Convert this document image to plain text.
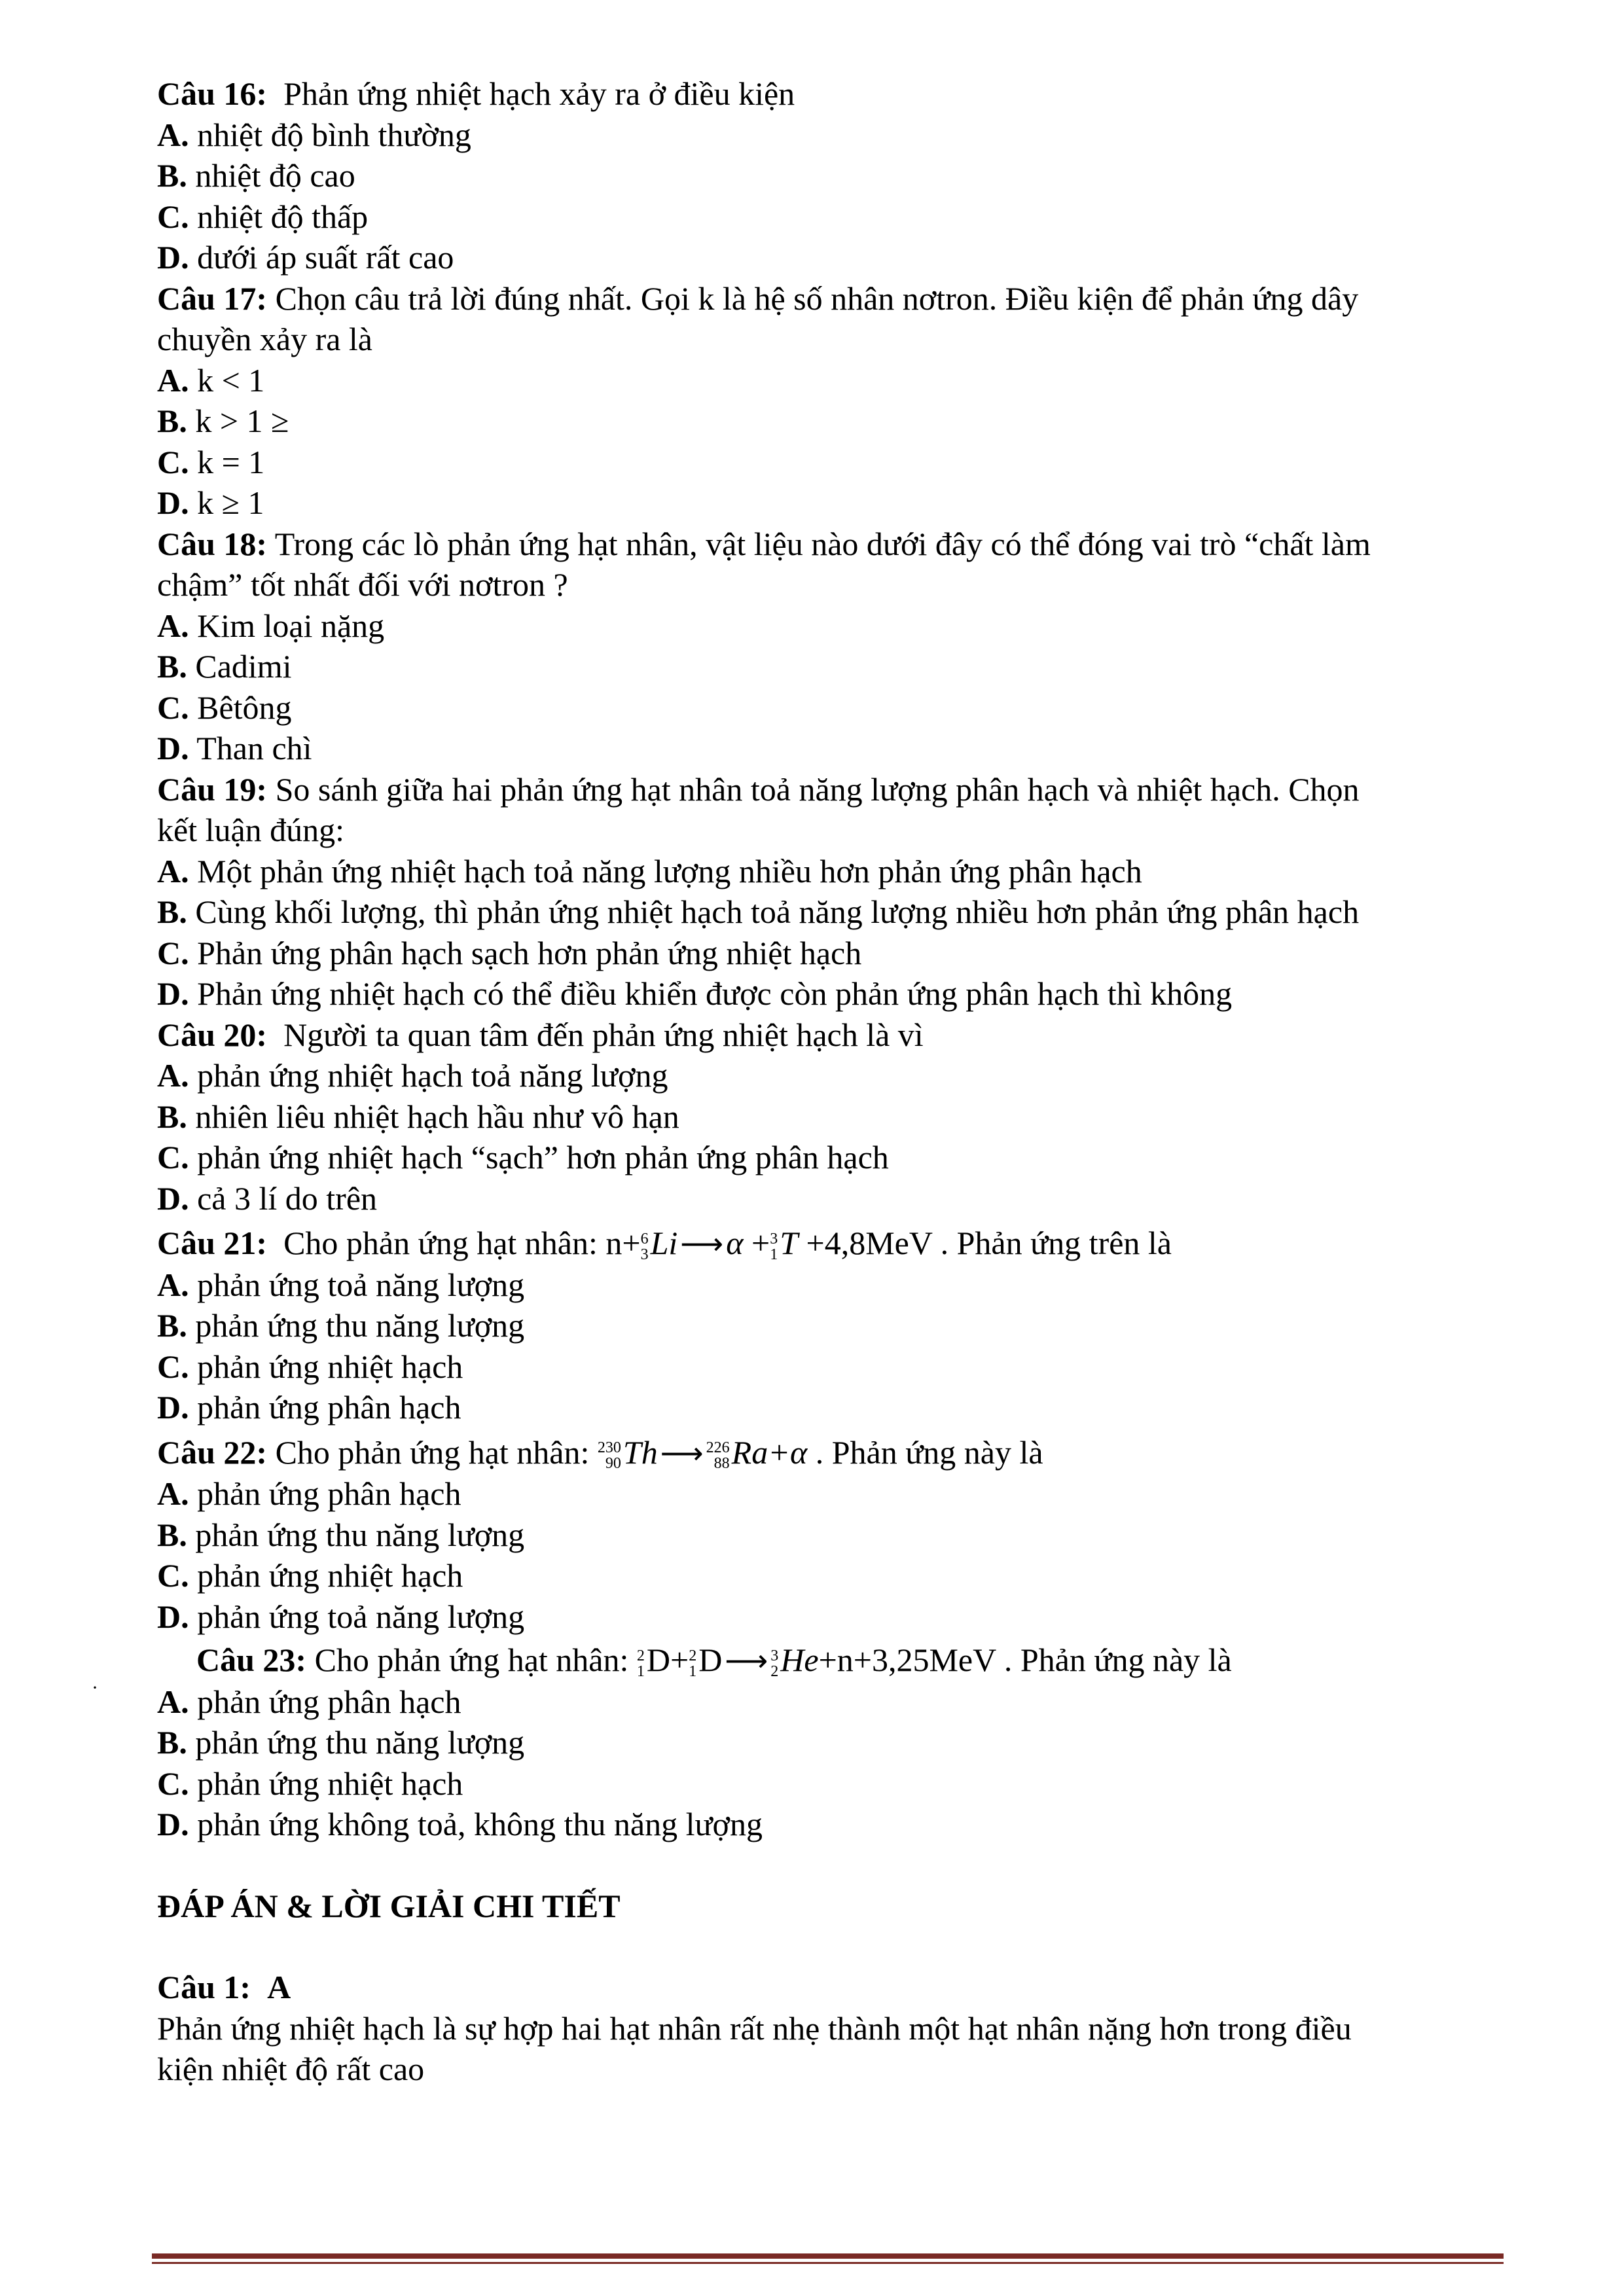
Câu 16: Phản ứng nhiệt hạch xảy ra ở điều kiện
A. nhiệt độ bình thường
B. nhiệt độ cao
C. nhiệt độ thấp
D. dưới áp suất rất cao
Câu 17: Chọn câu trả lời đúng nhất. Gọi k là hệ số nhân nơtron. Điều kiện để phản ứng dây
chuyền xảy ra là
A. k < 1
B. k > 1 ≥
C. k = 1
D. k ≥ 1
Câu 18: Trong các lò phản ứng hạt nhân, vật liệu nào dưới đây có thể đóng vai trò “chất làm
chậm” tốt nhất đối với nơtron ?
A. Kim loại nặng
B. Cadimi
C. Bêtông
D. Than chì
Câu 19: So sánh giữa hai phản ứng hạt nhân toả năng lượng phân hạch và nhiệt hạch. Chọn
kết luận đúng:
A. Một phản ứng nhiệt hạch toả năng lượng nhiều hơn phản ứng phân hạch
B. Cùng khối lượng, thì phản ứng nhiệt hạch toả năng lượng nhiều hơn phản ứng phân hạch
C. Phản ứng phân hạch sạch hơn phản ứng nhiệt hạch
D. Phản ứng nhiệt hạch có thể điều khiển được còn phản ứng phân hạch thì không
Câu 20: Người ta quan tâm đến phản ứng nhiệt hạch là vì
A. phản ứng nhiệt hạch toả năng lượng
B. nhiên liêu nhiệt hạch hầu như vô hạn
C. phản ứng nhiệt hạch “sạch” hơn phản ứng phân hạch
D. cả 3 lí do trên
Câu 21: Cho phản ứng hạt nhân: n+ 6
3 Li⟶α + 3
1 T +4,8MeV . Phản ứng trên là
A. phản ứng toả năng lượng
B. phản ứng thu năng lượng
C. phản ứng nhiệt hạch
D. phản ứng phân hạch
Câu 22: Cho phản ứng hạt nhân: 230
90 Th⟶ 226
88 Ra+α . Phản ứng này là
A. phản ứng phân hạch
B. phản ứng thu năng lượng
C. phản ứng nhiệt hạch
D. phản ứng toả năng lượng
Câu 23: Cho phản ứng hạt nhân: 2
1 D+ 2
1 D⟶ 3
2 He+n+3,25MeV . Phản ứng này là
A. phản ứng phân hạch
B. phản ứng thu năng lượng
C. phản ứng nhiệt hạch
D. phản ứng không toả, không thu năng lượng
ĐÁP ÁN & LỜI GIẢI CHI TIẾT
Câu 1: A
Phản ứng nhiệt hạch là sự hợp hai hạt nhân rất nhẹ thành một hạt nhân nặng hơn trong điều
kiện nhiệt độ rất cao
·
